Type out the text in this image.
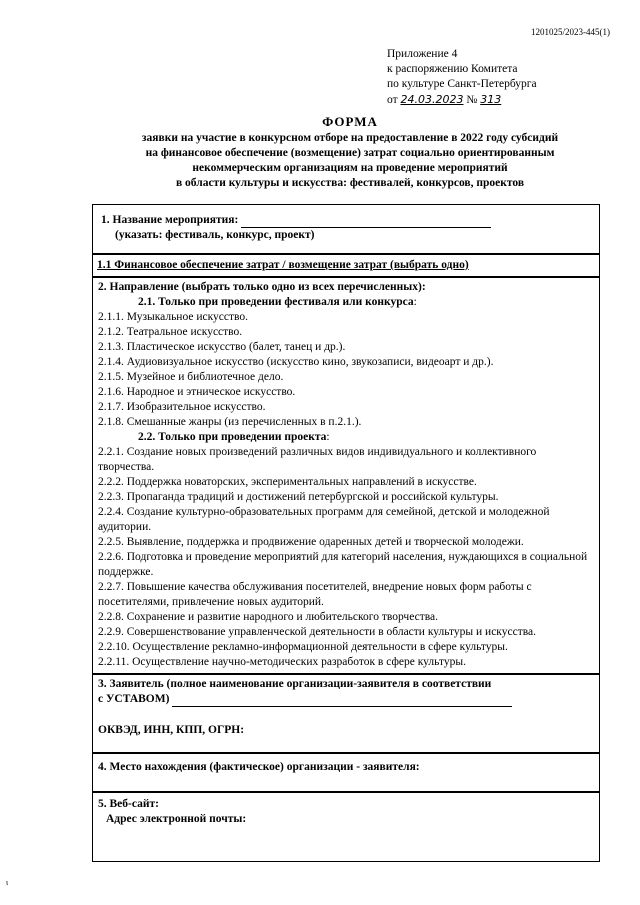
1201025/2023-445(1)
Приложение 4
к распоряжению Комитета
по культуре Санкт-Петербурга
от 24.03.2023 № 313
ФОРМА
заявки на участие в конкурсном отборе на предоставление в 2022 году субсидий
на финансовое обеспечение (возмещение) затрат социально ориентированным
некоммерческим организациям на проведение мероприятий
в области культуры и искусства: фестивалей, конкурсов, проектов
1. Название мероприятия:
(указать: фестиваль, конкурс, проект)
1.1 Финансовое обеспечение затрат / возмещение затрат (выбрать одно)
2. Направление (выбрать только одно из всех перечисленных):
2.1. Только при проведении фестиваля или конкурса:
2.1.1. Музыкальное искусство.
2.1.2. Театральное искусство.
2.1.3. Пластическое искусство (балет, танец и др.).
2.1.4. Аудиовизуальное искусство (искусство кино, звукозаписи, видеоарт и др.).
2.1.5. Музейное и библиотечное дело.
2.1.6. Народное и этническое искусство.
2.1.7. Изобразительное искусство.
2.1.8. Смешанные жанры (из перечисленных в п.2.1.).
2.2. Только при проведении проекта:
2.2.1. Создание новых произведений различных видов индивидуального и коллективного творчества.
2.2.2. Поддержка новаторских, экспериментальных направлений в искусстве.
2.2.3. Пропаганда традиций и достижений петербургской и российской культуры.
2.2.4. Создание культурно-образовательных программ для семейной, детской и молодежной аудитории.
2.2.5. Выявление, поддержка и продвижение одаренных детей и творческой молодежи.
2.2.6. Подготовка и проведение мероприятий для категорий населения, нуждающихся в социальной поддержке.
2.2.7. Повышение качества обслуживания посетителей, внедрение новых форм работы с посетителями, привлечение новых аудиторий.
2.2.8. Сохранение и развитие народного и любительского творчества.
2.2.9. Совершенствование управленческой деятельности в области культуры и искусства.
2.2.10. Осуществление рекламно-информационной деятельности в сфере культуры.
2.2.11. Осуществление научно-методических разработок в сфере культуры.
3. Заявитель (полное наименование организации-заявителя в соответствии
с УСТАВОМ)
ОКВЭД, ИНН, КПП, ОГРН:
4. Место нахождения (фактическое) организации - заявителя:
5. Веб-сайт:
Адрес электронной почты:
ι
